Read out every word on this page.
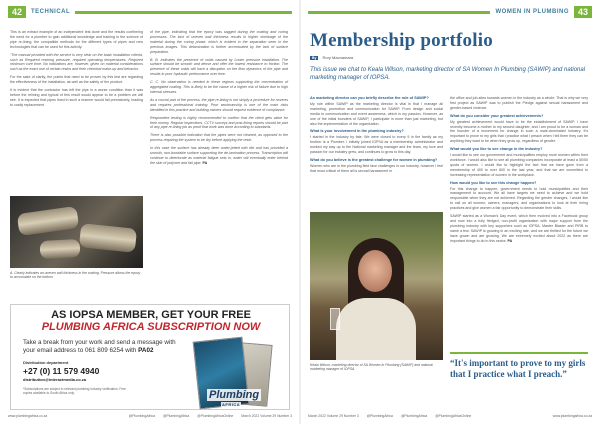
42	TECHNICAL

This is an extract example of an independent test done and the results confirming the need for a plumber to gain additional knowledge and training in the science of pipe re-lining, the compatible methods for the different types of pipes and new technologies that can be used for this activity.

“The manual provided with the service is very clear on the basic installation criteria, such as Required resining pressure, required operating temperatures, Required minimum cure time. No indications are, however, given on material considerations such as the exact use of certain resins and their chemical make-up and behavior.

For the sake of clarity, the points that need to be proven by this test are regarding the effectiveness of the installation, as well as the safety of the product.

It is evident that the contractor has left the pipe in a worse condition than it was before the relining and typical of this result would appear to be a problem we will see. It is expected that pipes lined in such a manner would fail prematurely, leading to costly replacement.

A. Clearly indicates an uneven wall thickness in the coating. Pressure allows the epoxy to accumulate on the bottom

of the pipe, indicating that the epoxy was sagged during the coating and curing processes. The lack of uneven wall thickness results in higher shrinkage of the material during the curing phase, which is evident in the separation seen in the previous images. This delamination is further accentuated by the lack of surface preparation.

B. B. Indicates the presence of voids caused by Lower pressure installation. The surface should be smooth and dense and offer the lowest resistance to friction. The presence of these voids will have a disruption on the flow dynamics of the pipe and results in poor hydraulic performance over time.

C. C. No observation is needed in these regions supporting the concentration of aggregated coating. This is likely to be the cause of a higher risk of failure due to high internal stresses.

As a crucial part of the process, the pipe re-lining is not simply a procedure for novices and requires professional training. Poor workmanship is one of the main risks identified in this practice and building owners should request evidence of compliance.

Respondent testing is highly recommended to confirm that the client gets value for their money. Regular inspections, CCTV surveys and post-lining reports should be part of any pipe re-lining job as proof that work was done according to standards.

There is also possible indication that the pipes were not cleaned, as opposed to the process requiring the system to be dry before applying the resin.

In this case the surface has already been water-jetted with dirt and has provided a smooth, non-bondable surface supporting the de-lamination process. Transcription will continue to deteriorate as material fatigue sets in, water will eventually enter behind the skin of polymer and fail pipe. PA

AS IOPSA MEMBER, GET YOUR FREE
PLUMBING AFRICA SUBSCRIPTION NOW
Take a break from your work and send a message with your email address to 061 809 6254 with PA02
Distribution department
+27 (0) 11 579 4940
distribution@interactmedia.co.za
*Subscriptions are subject to relevant plumbing industry verification. Free copies available to South Africa only.	Plumbing
AFRICA
www.plumbingafrica.co.za	@PlumbingAfrica @PlumbingAfrica @PlumbingAfricaOnline March 2022 Volume 29 Number 3
WOMEN IN PLUMBING	43
Membership portfolio
By	Rory Macnamara
This issue we chat to Keala Wilson, marketing director of SA Women In Plumbing (SAWIP) and national marketing manager of IOPSA.
As marketing director can you briefly describe the role of SAWIP?

My role within SAWIP as the marketing director is vital in that I manage all marketing, promotion and communication for SAWIP. From design and social media to communication and event awareness, which is my passion. However, as one of the initial founders of SAWIP, I participate in more than just marketing, but also the implementation of the organisation.

What is your involvement in the plumbing industry?

I started in the industry by fate. We were closed to every 9 in the family as my brother is a Plumber. I initially joined IOPSA as a membership administrator and worked my way up to the National marketing manager and the team, my love and passion for our industry grew, and continues to grow to this day.

What do you believe is the greatest challenge for women in plumbing?

Women who are in the plumbing field face challenges in our industry, however I feel that most critical of them all is sexual harassment in

Keala Wilson, marketing director of SA Women In Plumbing (SAWIP) and national marketing manager of IOPSA.

the office and job-sites towards women in the industry as a whole. That is why we very first project as SAWIP was to publish the Pledge against sexual harassment and gender-based violence.

What do you consider your greatest achievements?

My greatest achievement would have to be the establishment of SAWIP. I have recently become a mother to my second daughter, and I am proud to be a woman and the founder of a movement for change in such a male-dominated industry. It's important to prove to my girls that I practice what I preach when I tell them they can be anything they want to be when they grow up, regardless of gender.

What would you like to see change in the industry?

I would like to see our government and municipalities employ more women within their workforce. I would also like to see all plumbing companies incorporate at least a 50/50 quota of women. I would like to highlight the fact that we have gone from a membership of 400 to over 800 in the last year, and that we are committed to increasing representation of women in the workplace.

How would you like to see this change happen?

For this change to happen, government needs to hold municipalities and their management to account. We all have targets we need to achieve and we hold responsible when they are not achieved. Regarding the gender changes, I would like to call on all women, owners, managers, and organisations to look at their hiring practices and give women a fair opportunity to demonstrate their skills.

SAWIP started as a Woman's Day event, which then evolved into a Facebook group and now into a fully fledged, non-profit organisation with major support from the plumbing industry with key supporters such as IOPSA, Master Blaster and PIRB to name a few. SAWIP is growing in an exciting rate, and we are thrilled for the future we have grown and are growing. We are extremely excited about 2022 as there are important things to do in this sector. PA

“It's important to prove to my girls that I practice what I preach.”
March 2022 Volume 29 Number 3 @PlumbingAfrica @PlumbingAfrica @PlumbingAfricaOnline	www.plumbingafrica.co.za
